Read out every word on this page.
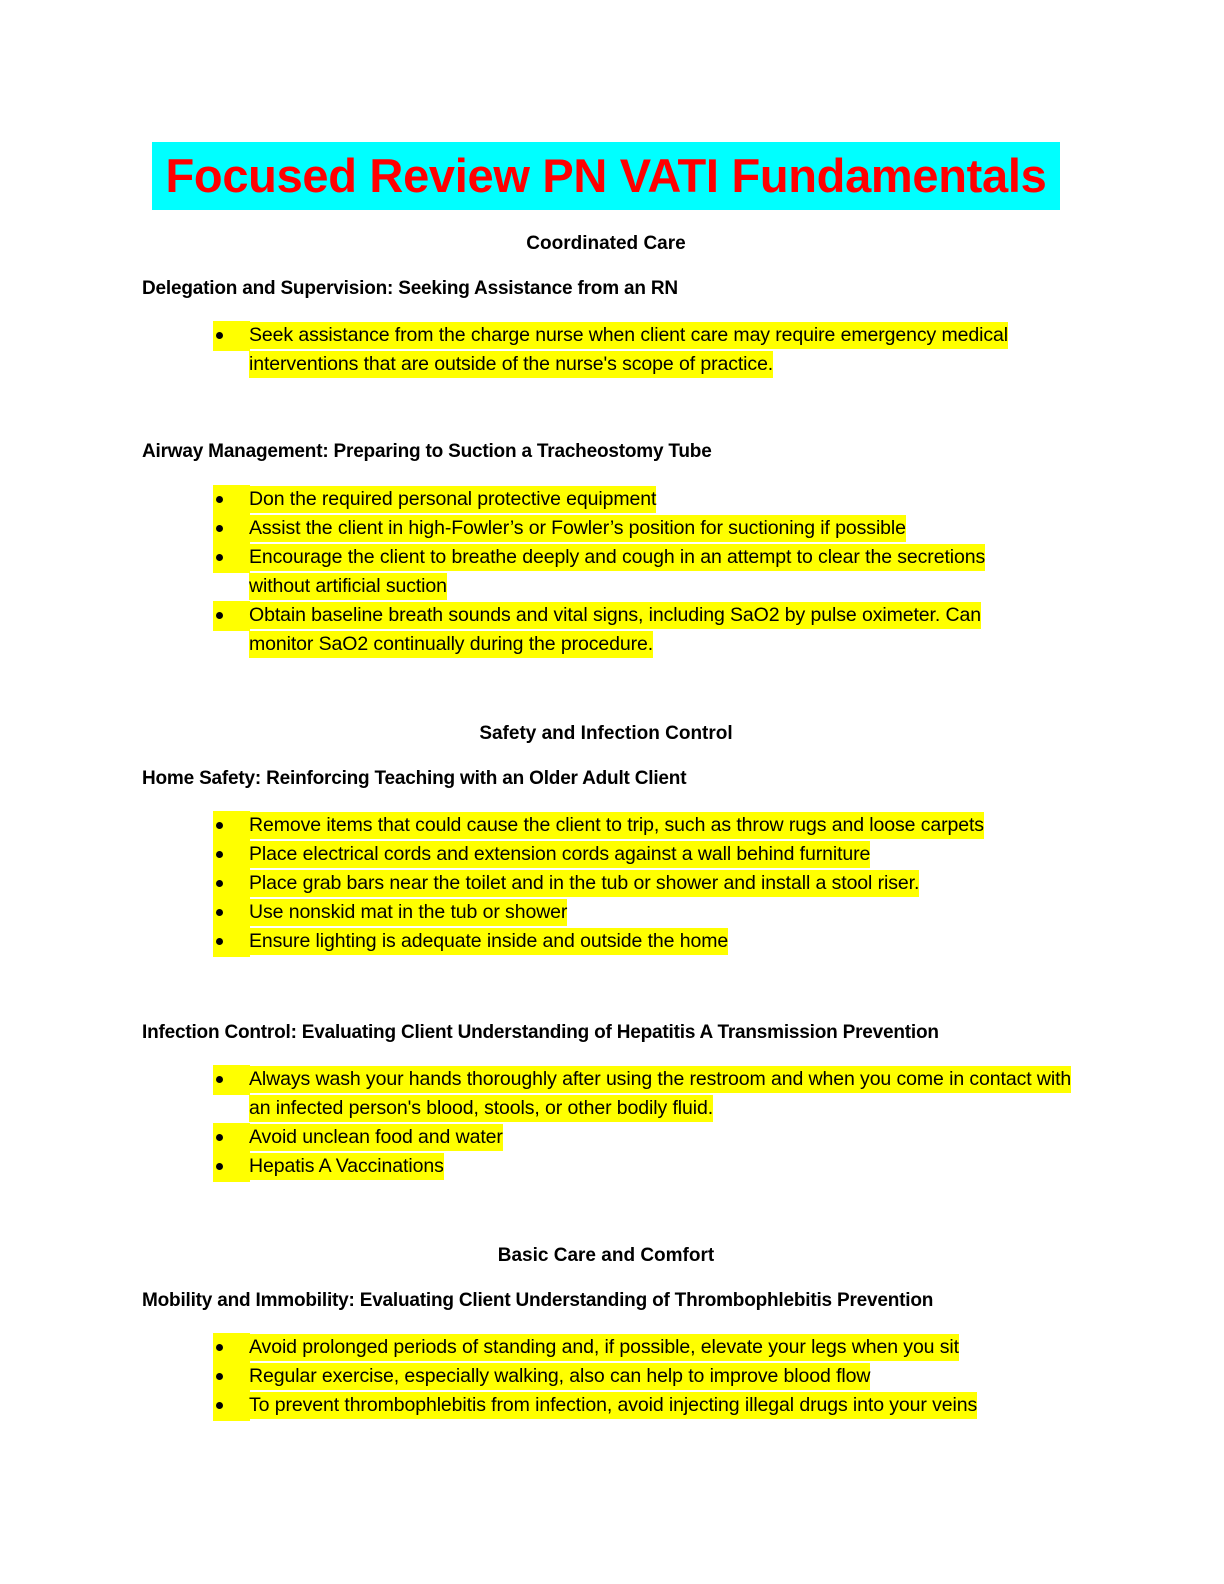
Focused Review PN VATI Fundamentals
Coordinated Care
Delegation and Supervision: Seeking Assistance from an RN
Seek assistance from the charge nurse when client care may require emergency medical interventions that are outside of the nurse's scope of practice.
Airway Management: Preparing to Suction a Tracheostomy Tube
Don the required personal protective equipment
Assist the client in high-Fowler’s or Fowler’s position for suctioning if possible
Encourage the client to breathe deeply and cough in an attempt to clear the secretions without artificial suction
Obtain baseline breath sounds and vital signs, including SaO2 by pulse oximeter. Can monitor SaO2 continually during the procedure.
Safety and Infection Control
Home Safety: Reinforcing Teaching with an Older Adult Client
Remove items that could cause the client to trip, such as throw rugs and loose carpets
Place electrical cords and extension cords against a wall behind furniture
Place grab bars near the toilet and in the tub or shower and install a stool riser.
Use nonskid mat in the tub or shower
Ensure lighting is adequate inside and outside the home
Infection Control: Evaluating Client Understanding of Hepatitis A Transmission Prevention
Always wash your hands thoroughly after using the restroom and when you come in contact with an infected person's blood, stools, or other bodily fluid.
Avoid unclean food and water
Hepatis A Vaccinations
Basic Care and Comfort
Mobility and Immobility: Evaluating Client Understanding of Thrombophlebitis Prevention
Avoid prolonged periods of standing and, if possible, elevate your legs when you sit
Regular exercise, especially walking, also can help to improve blood flow
To prevent thrombophlebitis from infection, avoid injecting illegal drugs into your veins
